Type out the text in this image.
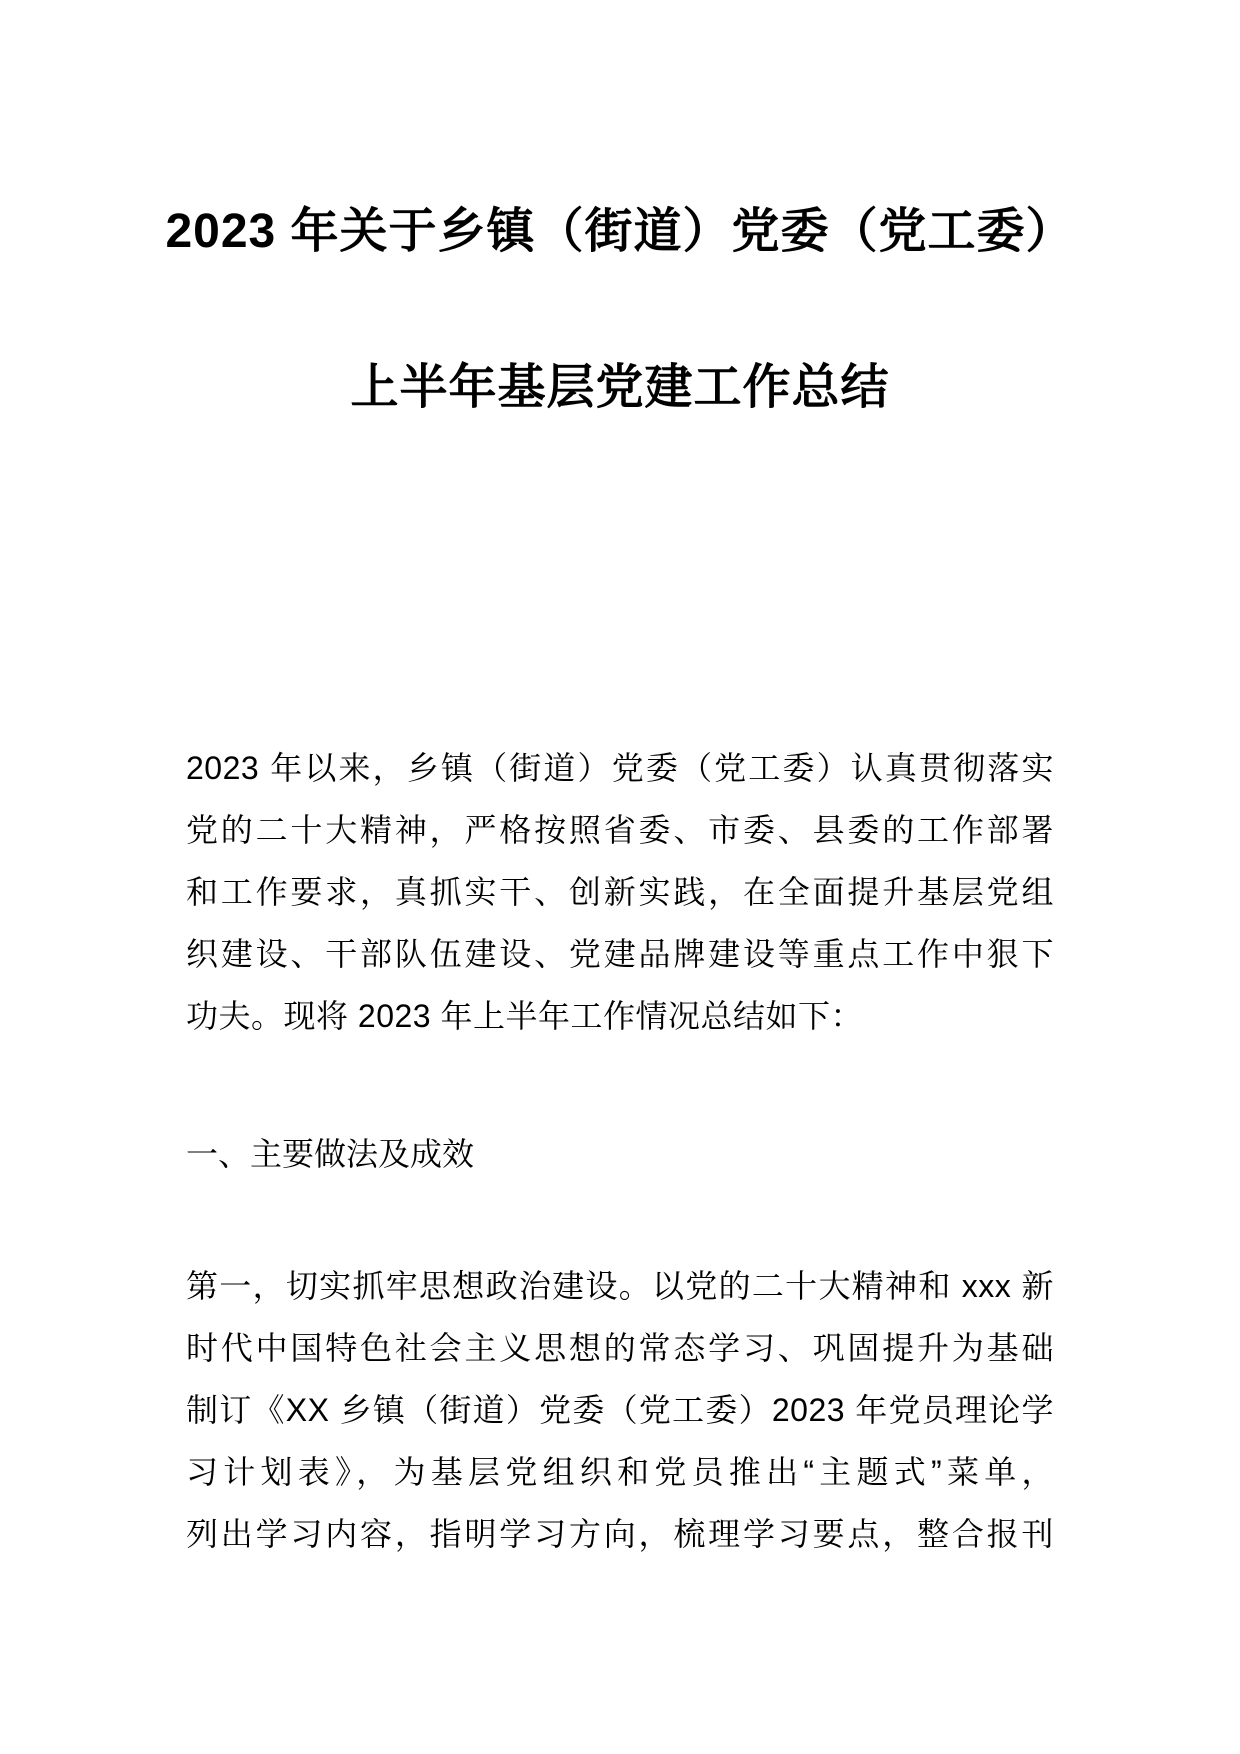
2023 年关于乡镇（街道）党委（党工委）
上半年基层党建工作总结
2023 年以来，乡镇（街道）党委（党工委）认真贯彻落实
党的二十大精神，严格按照省委、市委、县委的工作部署
和工作要求，真抓实干、创新实践，在全面提升基层党组
织建设、干部队伍建设、党建品牌建设等重点工作中狠下
功夫。现将 2023 年上半年工作情况总结如下：
一、主要做法及成效
第一，切实抓牢思想政治建设。以党的二十大精神和 xxx 新
时代中国特色社会主义思想的常态学习、巩固提升为基础
制订《XX 乡镇（街道）党委（党工委）2023 年党员理论学
习计划表》，为基层党组织和党员推出“主题式”菜单，
列出学习内容，指明学习方向，梳理学习要点，整合报刊
